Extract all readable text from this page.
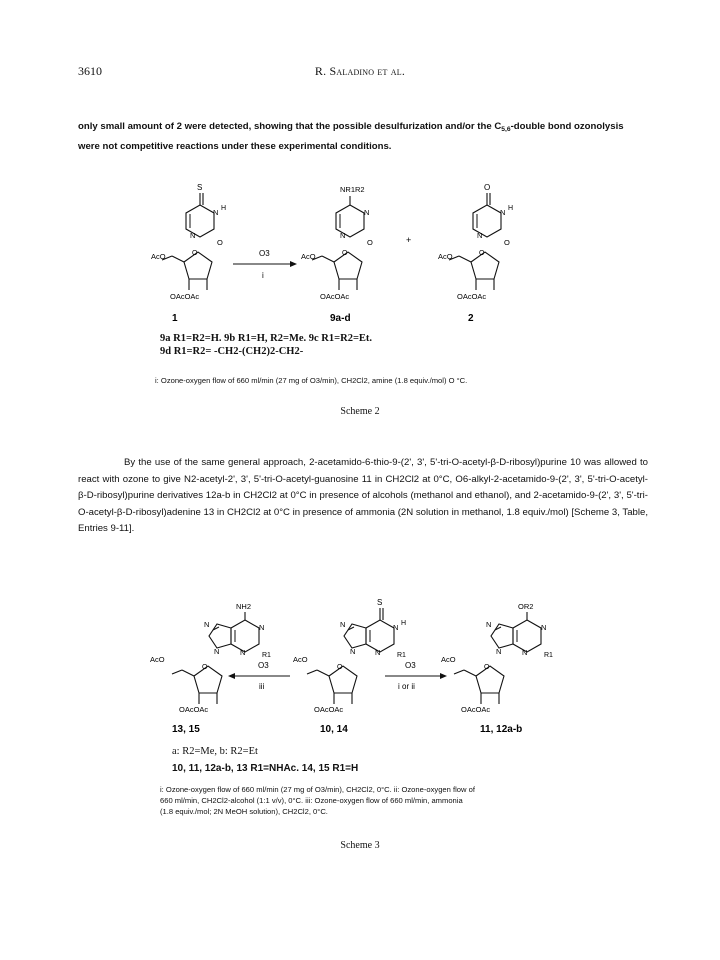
3610	R. Saladino et al.
only small amount of 2 were detected, showing that the possible desulfurization and/or the $C_{5,6}$-double bond ozonolysis were not competitive reactions under these experimental conditions.
S
N H
N
O
O
AcO
OAcOAc
O3
i
NR1R2
N
N
O
O
AcO
OAcOAc
+
O
N H
N
O
O
AcO
OAcOAc
1	9a-d	2
NH2
N
N
N	N R1
O
AcO
OAcOAc
O3
iii
S
N H
N
N	N R1
O
AcO
OAcOAc
O3
i or ii
OR2
N
N
N	N R1
O
AcO
OAcOAc
13, 15	10, 14	11, 12a-b
9a R1=R2=H. 9b R1=H, R2=Me. 9c R1=R2=Et.
9d R1=R2= -CH2-(CH2)2-CH2-
i: Ozone-oxygen flow of 660 ml/min (27 mg of O3/min), CH2Cl2, amine (1.8 equiv./mol) O °C.
Scheme 2

By the use of the same general approach, 2-acetamido-6-thio-9-(2', 3', 5'-tri-O-acetyl-β-D-ribosyl)purine 10 was allowed to react with ozone to give N2-acetyl-2', 3', 5'-tri-O-acetyl-guanosine 11 in CH2Cl2 at 0°C, O6-alkyl-2-acetamido-9-(2', 3', 5'-tri-O-acetyl-β-D-ribosyl)purine derivatives 12a-b in CH2Cl2 at 0°C in presence of alcohols (methanol and ethanol), and 2-acetamido-9-(2', 3', 5'-tri-O-acetyl-β-D-ribosyl)adenine 13 in CH2Cl2 at 0°C in presence of ammonia (2N solution in methanol, 1.8 equiv./mol) [Scheme 3, Table, Entries 9-11].

a: R2=Me, b: R2=Et
10, 11, 12a-b, 13 R1=NHAc. 14, 15 R1=H
i: Ozone-oxygen flow of 660 ml/min (27 mg of O3/min), CH2Cl2, 0°C. ii: Ozone-oxygen flow of
660 ml/min, CH2Cl2-alcohol (1:1 v/v), 0°C. iii: Ozone-oxygen flow of 660 ml/min, ammonia
(1.8 equiv./mol; 2N MeOH solution), CH2Cl2, 0°C.
Scheme 3
